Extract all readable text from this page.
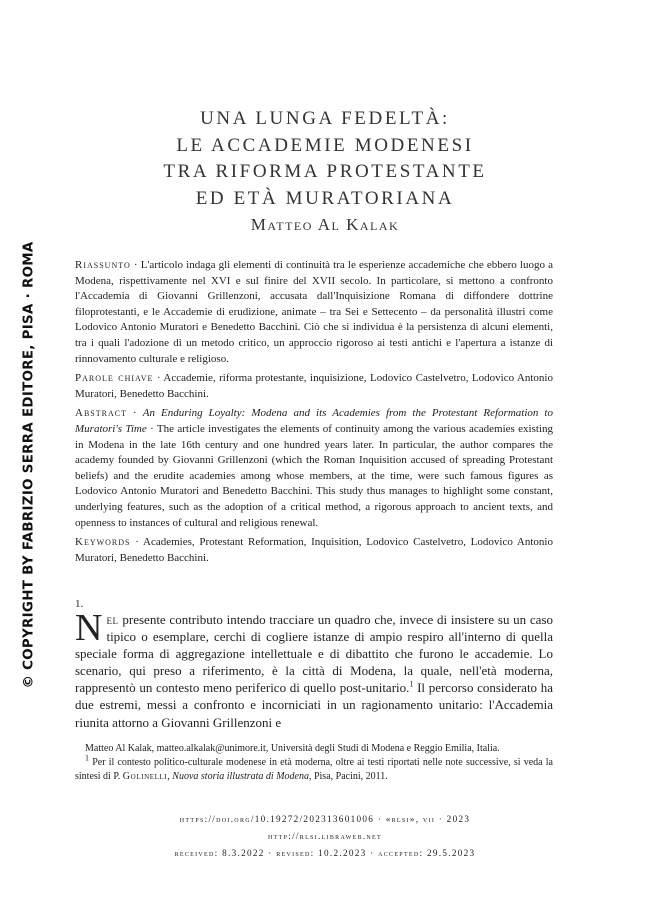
© COPYRIGHT BY FABRIZIO SERRA EDITORE, PISA · ROMA
UNA LUNGA FEDELTÀ:
LE ACCADEMIE MODENESI
TRA RIFORMA PROTESTANTE
ED ETÀ MURATORIANA
Matteo Al Kalak

Riassunto · L'articolo indaga gli elementi di continuità tra le esperienze accademiche che ebbero luogo a Modena, rispettivamente nel XVI e sul finire del XVII secolo. In particolare, si mettono a confronto l'Accademia di Giovanni Grillenzoni, accusata dall'Inquisizione Romana di diffondere dottrine filoprotestanti, e le Accademie di erudizione, animate – tra Sei e Settecento – da personalità illustri come Lodovico Antonio Muratori e Benedetto Bacchini. Ciò che si individua è la persistenza di alcuni elementi, tra i quali l'adozione di un metodo critico, un approccio rigoroso ai testi antichi e l'apertura a istanze di rinnovamento culturale e religioso.

Parole chiave · Accademie, riforma protestante, inquisizione, Lodovico Castelvetro, Lodovico Antonio Muratori, Benedetto Bacchini.

Abstract · An Enduring Loyalty: Modena and its Academies from the Protestant Reformation to Muratori's Time · The article investigates the elements of continuity among the various academies existing in Modena in the late 16th century and one hundred years later. In particular, the author compares the academy founded by Giovanni Grillenzoni (which the Roman Inquisition accused of spreading Protestant beliefs) and the erudite academies among whose members, at the time, were such famous figures as Lodovico Antonio Muratori and Benedetto Bacchini. This study thus manages to highlight some constant, underlying features, such as the adoption of a critical method, a rigorous approach to ancient texts, and openness to instances of cultural and religious renewal.

Keywords · Academies, Protestant Reformation, Inquisition, Lodovico Castelvetro, Lodovico Antonio Muratori, Benedetto Bacchini.

1.
Nel presente contributo intendo tracciare un quadro che, invece di insistere su un caso tipico o esemplare, cerchi di cogliere istanze di ampio respiro all'interno di quella speciale forma di aggregazione intellettuale e di dibattito che furono le accademie. Lo scenario, qui preso a riferimento, è la città di Modena, la quale, nell'età moderna, rappresentò un contesto meno periferico di quello post-unitario.$^1$ Il percorso considerato ha due estremi, messi a confronto e incorniciati in un ragionamento unitario: l'Accademia riunita attorno a Giovanni Grillenzoni e

Matteo Al Kalak, matteo.alkalak@unimore.it, Università degli Studi di Modena e Reggio Emilia, Italia.

$^1$ Per il contesto politico-culturale modenese in età moderna, oltre ai testi riportati nelle note successive, si veda la sintesi di P. Golinelli, Nuova storia illustrata di Modena, Pisa, Pacini, 2011.

https://doi.org/10.19272/202313601006 · «rlsi», vii · 2023
http://rlsi.libraweb.net
received: 8.3.2022 · revised: 10.2.2023 · accepted: 29.5.2023
